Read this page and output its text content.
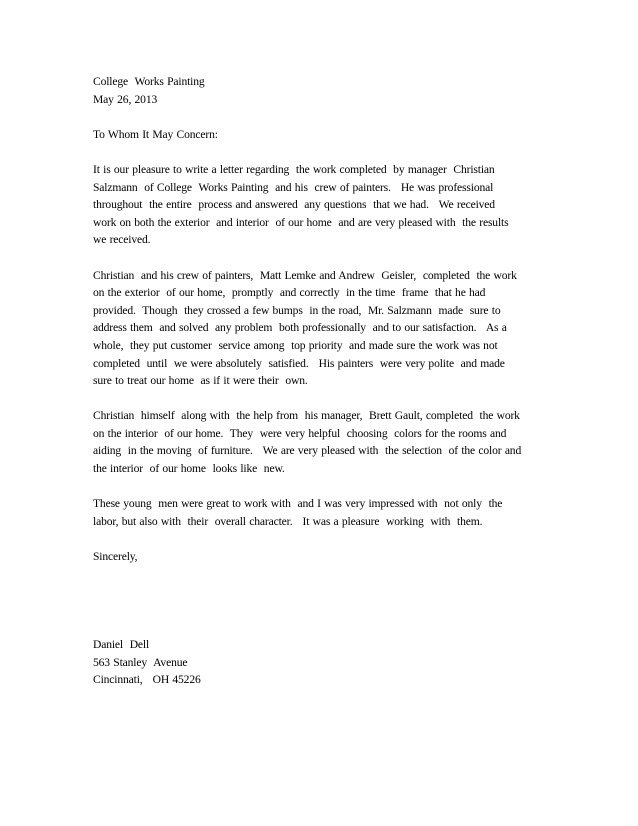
College  Works Painting
May 26, 2013
To Whom It May Concern:
It is our pleasure to write a letter regarding  the work completed  by manager  Christian
Salzmann  of College  Works Painting  and his  crew of painters.   He was professional
throughout  the entire  process and answered  any questions  that we had.   We received
work on both the exterior  and interior  of our home  and are very pleased with  the results
we received.
Christian  and his crew of painters,  Matt Lemke and Andrew  Geisler,  completed  the work
on the exterior  of our home,  promptly  and correctly  in the time  frame  that he had
provided.  Though  they crossed a few bumps  in the road,  Mr. Salzmann  made  sure to
address them  and solved  any problem  both professionally  and to our satisfaction.   As a
whole,  they put customer  service among  top priority  and made sure the work was not
completed  until  we were absolutely  satisfied.   His painters  were very polite  and made
sure to treat our home  as if it were their  own.
Christian  himself  along with  the help from  his manager,  Brett Gault, completed  the work
on the interior  of our home.  They  were very helpful  choosing  colors for the rooms and
aiding  in the moving  of furniture.   We are very pleased with  the selection  of the color and
the interior  of our home  looks like  new.
These young  men were great to work with  and I was very impressed with  not only  the
labor, but also with  their  overall character.   It was a pleasure  working  with  them.
Sincerely,
Daniel  Dell
563 Stanley  Avenue
Cincinnati,   OH 45226
